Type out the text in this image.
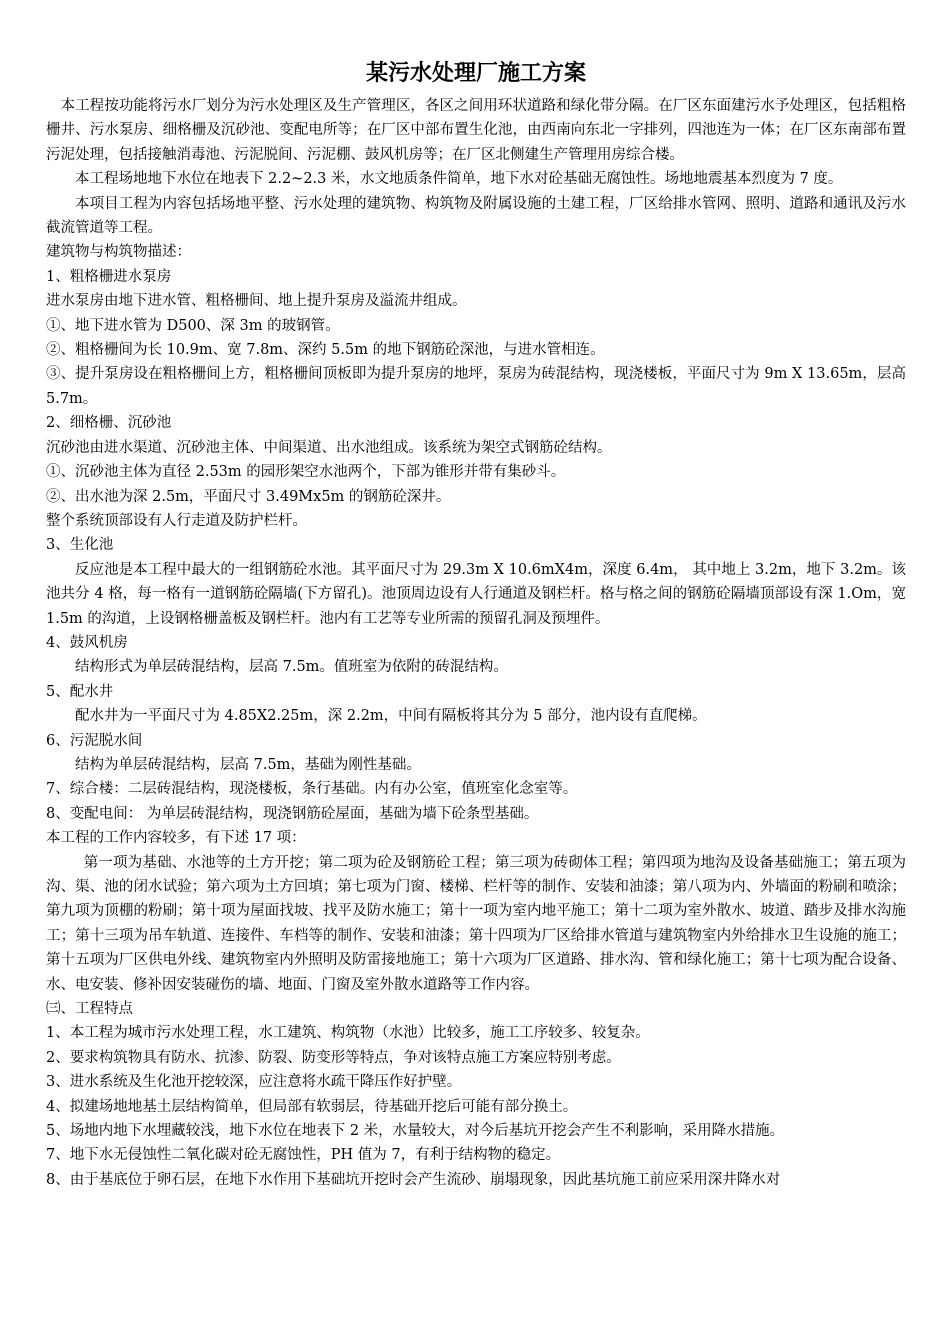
某污水处理厂施工方案

本工程按功能将污水厂划分为污水处理区及生产管理区，各区之间用环状道路和绿化带分隔。在厂区东面建污水予处理区，包括粗格栅井、污水泵房、细格栅及沉砂池、变配电所等；在厂区中部布置生化池，由西南向东北一字排列，四池连为一体；在厂区东南部布置污泥处理，包括接触消毒池、污泥脱间、污泥棚、鼓风机房等；在厂区北侧建生产管理用房综合楼。

本工程场地地下水位在地表下 2.2~2.3 米，水文地质条件简单，地下水对砼基础无腐蚀性。场地地震基本烈度为 7 度。

本项目工程为内容包括场地平整、污水处理的建筑物、构筑物及附属设施的土建工程，厂区给排水管网、照明、道路和通讯及污水截流管道等工程。

建筑物与构筑物描述：

1、粗格栅进水泵房

进水泵房由地下进水管、粗格栅间、地上提升泵房及溢流井组成。

①、地下进水管为 D500、深 3m 的玻钢管。

②、粗格栅间为长 10.9m、宽 7.8m、深约 5.5m 的地下钢筋砼深池，与进水管相连。

③、提升泵房设在粗格栅间上方，粗格栅间顶板即为提升泵房的地坪，泵房为砖混结构，现浇楼板，平面尺寸为 9m X 13.65m，层高 5.7m。

2、细格栅、沉砂池

沉砂池由进水渠道、沉砂池主体、中间渠道、出水池组成。该系统为架空式钢筋砼结构。

①、沉砂池主体为直径 2.53m 的园形架空水池两个，下部为锥形并带有集砂斗。

②、出水池为深 2.5m，平面尺寸 3.49Mx5m 的钢筋砼深井。

整个系统顶部设有人行走道及防护栏杆。

3、生化池

反应池是本工程中最大的一组钢筋砼水池。其平面尺寸为 29.3m X 10.6mX4m，深度 6.4m， 其中地上 3.2m，地下 3.2m。该池共分 4 格，每一格有一道钢筋砼隔墙(下方留孔)。池顶周边设有人行通道及钢栏杆。格与格之间的钢筋砼隔墙顶部设有深 1.Om，宽 1.5m 的沟道，上设钢格栅盖板及钢栏杆。池内有工艺等专业所需的预留孔洞及预埋件。

4、鼓风机房

结构形式为单层砖混结构，层高 7.5m。值班室为依附的砖混结构。

5、配水井

配水井为一平面尺寸为 4.85X2.25m，深 2.2m，中间有隔板将其分为 5 部分，池内设有直爬梯。

6、污泥脱水间

结构为单层砖混结构，层高 7.5m，基础为刚性基础。

7、综合楼：二层砖混结构，现浇楼板，条行基础。内有办公室，值班室化念室等。

8、变配电间： 为单层砖混结构，现浇钢筋砼屋面，基础为墙下砼条型基础。

本工程的工作内容较多，有下述 17 项：

第一项为基础、水池等的土方开挖；第二项为砼及钢筋砼工程；第三项为砖砌体工程；第四项为地沟及设备基础施工；第五项为沟、渠、池的闭水试验；第六项为土方回填；第七项为门窗、楼梯、栏杆等的制作、安装和油漆；第八项为内、外墙面的粉刷和喷涂；第九项为顶棚的粉刷；第十项为屋面找坡、找平及防水施工；第十一项为室内地平施工；第十二项为室外散水、坡道、踏步及排水沟施工；第十三项为吊车轨道、连接件、车档等的制作、安装和油漆；第十四项为厂区给排水管道与建筑物室内外给排水卫生设施的施工；第十五项为厂区供电外线、建筑物室内外照明及防雷接地施工；第十六项为厂区道路、排水沟、管和绿化施工；第十七项为配合设备、水、电安装、修补因安装碰伤的墙、地面、门窗及室外散水道路等工作内容。

㈢、工程特点

1、本工程为城市污水处理工程，水工建筑、构筑物（水池）比较多，施工工序较多、较复杂。

2、要求构筑物具有防水、抗渗、防裂、防变形等特点，争对该特点施工方案应特别考虑。

3、进水系统及生化池开挖较深，应注意将水疏干降压作好护壁。

4、拟建场地地基土层结构简单，但局部有软弱层，待基础开挖后可能有部分换土。

5、场地内地下水埋藏较浅，地下水位在地表下 2 米，水量较大，对今后基坑开挖会产生不利影响，采用降水措施。

7、地下水无侵蚀性二氧化碳对砼无腐蚀性，PH 值为 7，有利于结构物的稳定。

8、由于基底位于卵石层，在地下水作用下基础坑开挖时会产生流砂、崩塌现象，因此基坑施工前应采用深井降水对
